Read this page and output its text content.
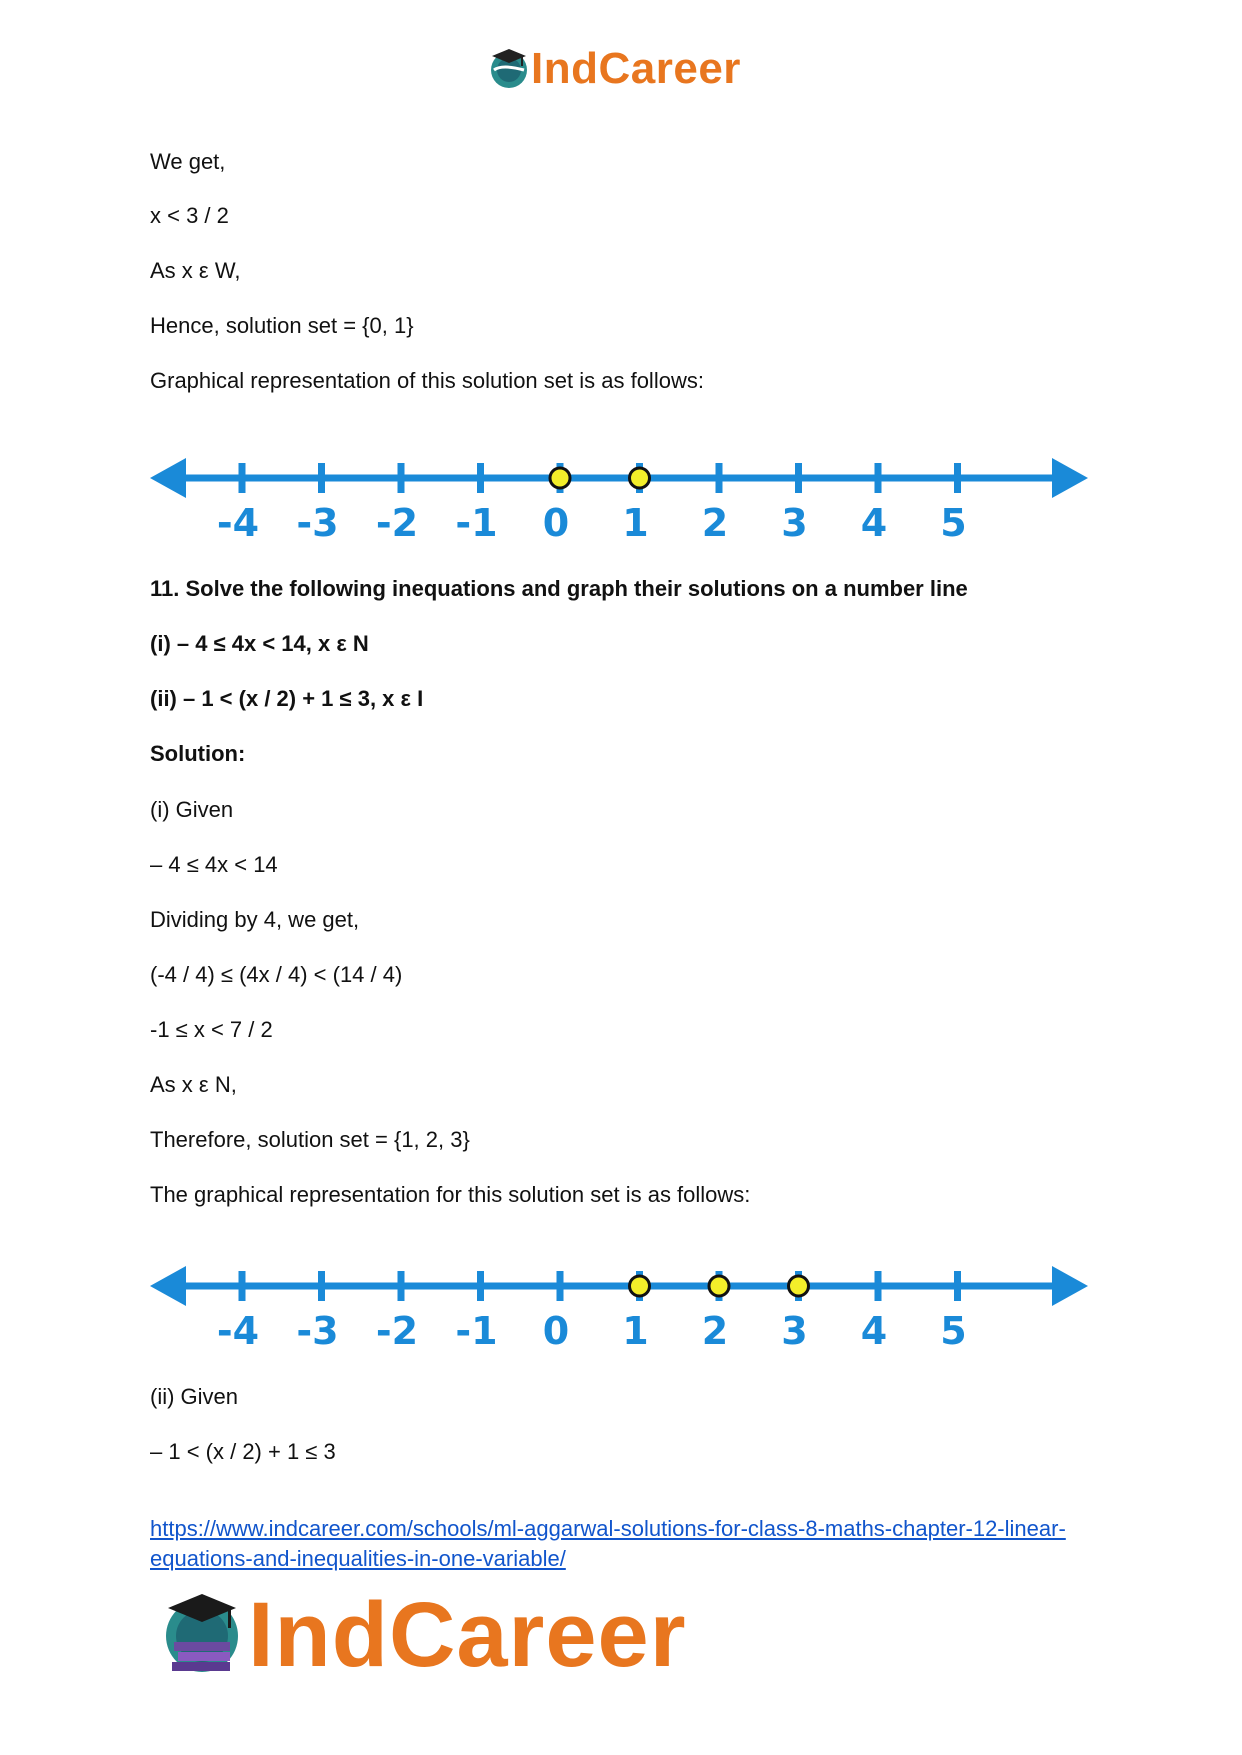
IndCareer
We get,
x < 3 / 2
As x ε W,
Hence, solution set = {0, 1}
Graphical representation of this solution set is as follows:
-4 -3 -2 -1 0 1 2 3 4 5
11. Solve the following inequations and graph their solutions on a number line
(i) – 4 ≤ 4x < 14, x ε N
(ii) – 1 < (x / 2) + 1 ≤ 3, x ε I
Solution:
(i) Given
– 4 ≤ 4x < 14
Dividing by 4, we get,
(-4 / 4) ≤ (4x / 4) < (14 / 4)
-1 ≤ x < 7 / 2
As x ε N,
Therefore, solution set = {1, 2, 3}
The graphical representation for this solution set is as follows:
-4 -3 -2 -1 0 1 2 3 4 5
(ii) Given
– 1 < (x / 2) + 1 ≤ 3
https://www.indcareer.com/schools/ml-aggarwal-solutions-for-class-8-maths-chapter-12-linear-equations-and-inequalities-in-one-variable/
IndCareer
